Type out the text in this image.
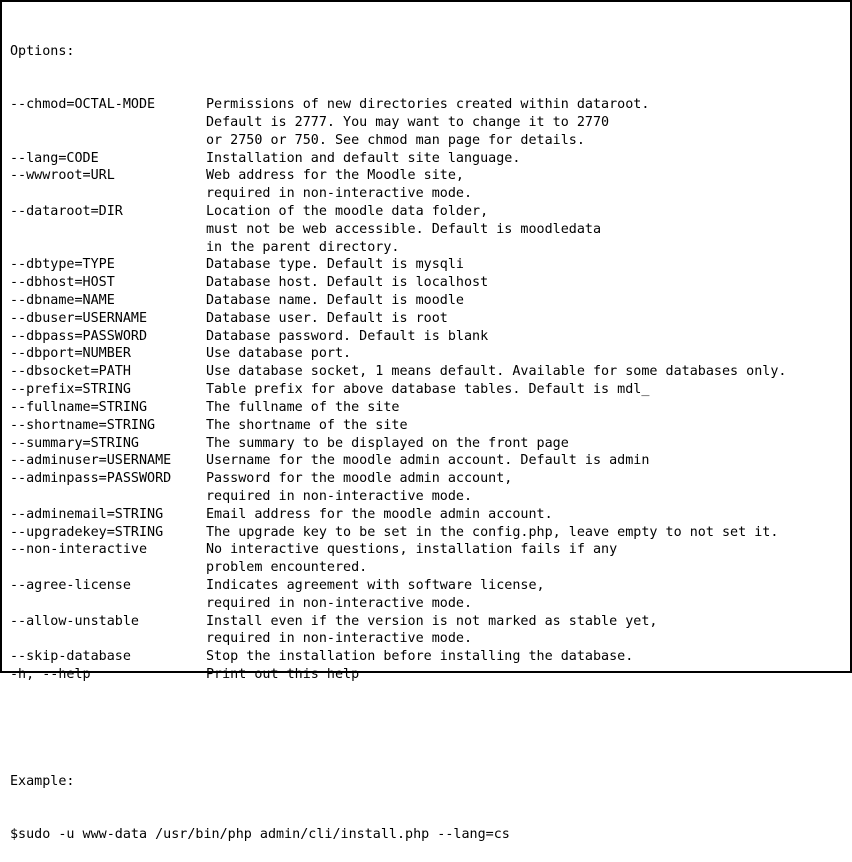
Options:

--chmod=OCTAL-MODE	Permissions of new directories created within dataroot.
Default is 2777. You may want to change it to 2770
or 2750 or 750. See chmod man page for details.
--lang=CODE	Installation and default site language.
--wwwroot=URL	Web address for the Moodle site,
required in non-interactive mode.
--dataroot=DIR	Location of the moodle data folder,
must not be web accessible. Default is moodledata
in the parent directory.
--dbtype=TYPE	Database type. Default is mysqli
--dbhost=HOST	Database host. Default is localhost
--dbname=NAME	Database name. Default is moodle
--dbuser=USERNAME	Database user. Default is root
--dbpass=PASSWORD	Database password. Default is blank
--dbport=NUMBER	Use database port.
--dbsocket=PATH	Use database socket, 1 means default. Available for some databases only.
--prefix=STRING	Table prefix for above database tables. Default is mdl_
--fullname=STRING	The fullname of the site
--shortname=STRING	The shortname of the site
--summary=STRING	The summary to be displayed on the front page
--adminuser=USERNAME	Username for the moodle admin account. Default is admin
--adminpass=PASSWORD	Password for the moodle admin account,
required in non-interactive mode.
--adminemail=STRING	Email address for the moodle admin account.
--upgradekey=STRING	The upgrade key to be set in the config.php, leave empty to not set it.
--non-interactive	No interactive questions, installation fails if any
problem encountered.
--agree-license	Indicates agreement with software license,
required in non-interactive mode.
--allow-unstable	Install even if the version is not marked as stable yet,
required in non-interactive mode.
--skip-database	Stop the installation before installing the database.
-h, --help	Print out this help

Example:

$sudo -u www-data /usr/bin/php admin/cli/install.php --lang=cs
